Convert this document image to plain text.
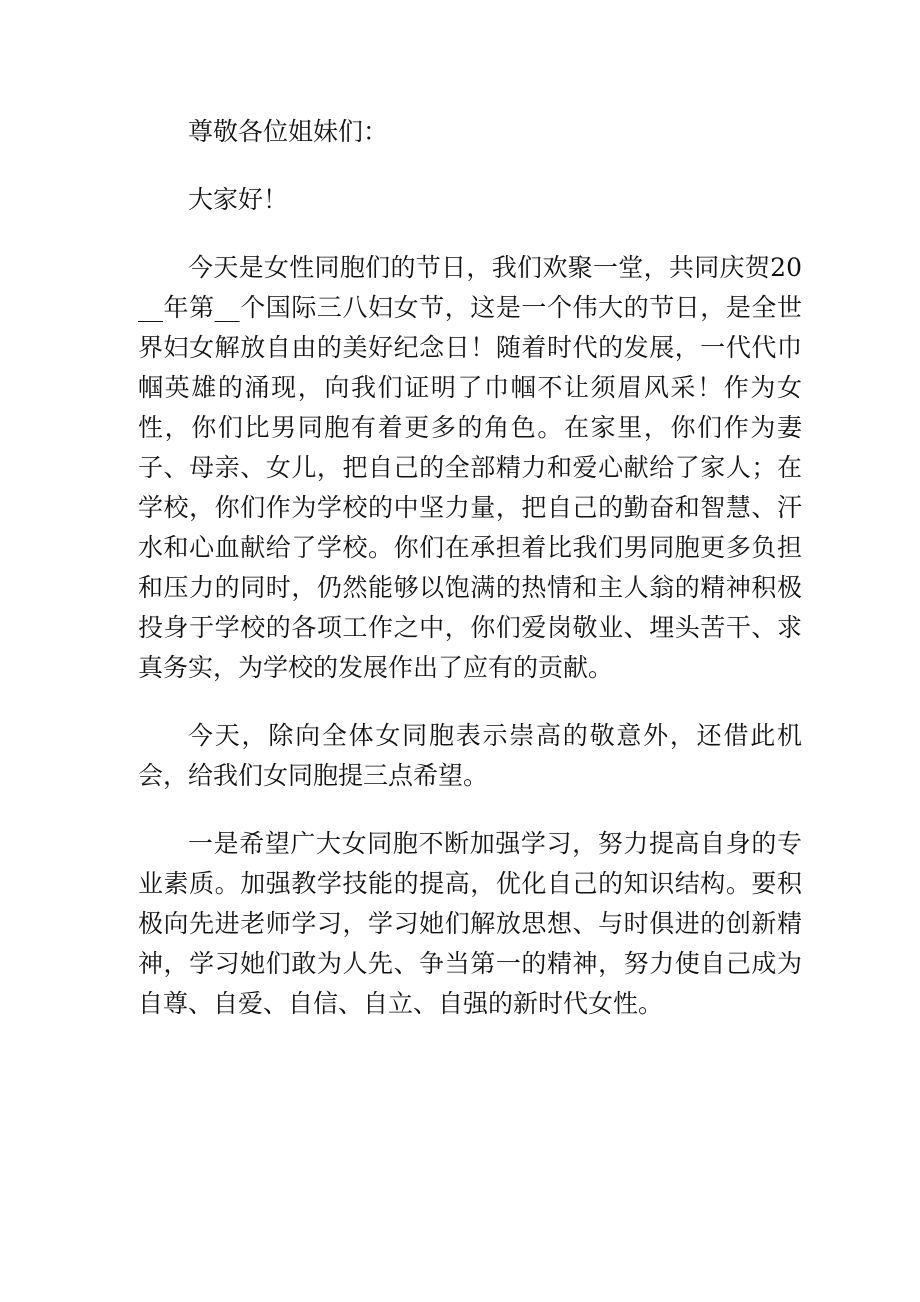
尊敬各位姐妹们：

大家好！

今天是女性同胞们的节日，我们欢聚一堂，共同庆贺20__年第__个国际三八妇女节，这是一个伟大的节日，是全世界妇女解放自由的美好纪念日！随着时代的发展，一代代巾帼英雄的涌现，向我们证明了巾帼不让须眉风采！作为女性，你们比男同胞有着更多的角色。在家里，你们作为妻子、母亲、女儿，把自己的全部精力和爱心献给了家人；在学校，你们作为学校的中坚力量，把自己的勤奋和智慧、汗水和心血献给了学校。你们在承担着比我们男同胞更多负担和压力的同时，仍然能够以饱满的热情和主人翁的精神积极投身于学校的各项工作之中，你们爱岗敬业、埋头苦干、求真务实，为学校的发展作出了应有的贡献。

今天，除向全体女同胞表示崇高的敬意外，还借此机会，给我们女同胞提三点希望。

一是希望广大女同胞不断加强学习，努力提高自身的专业素质。加强教学技能的提高，优化自己的知识结构。要积极向先进老师学习，学习她们解放思想、与时俱进的创新精神，学习她们敢为人先、争当第一的精神，努力使自己成为自尊、自爱、自信、自立、自强的新时代女性。
